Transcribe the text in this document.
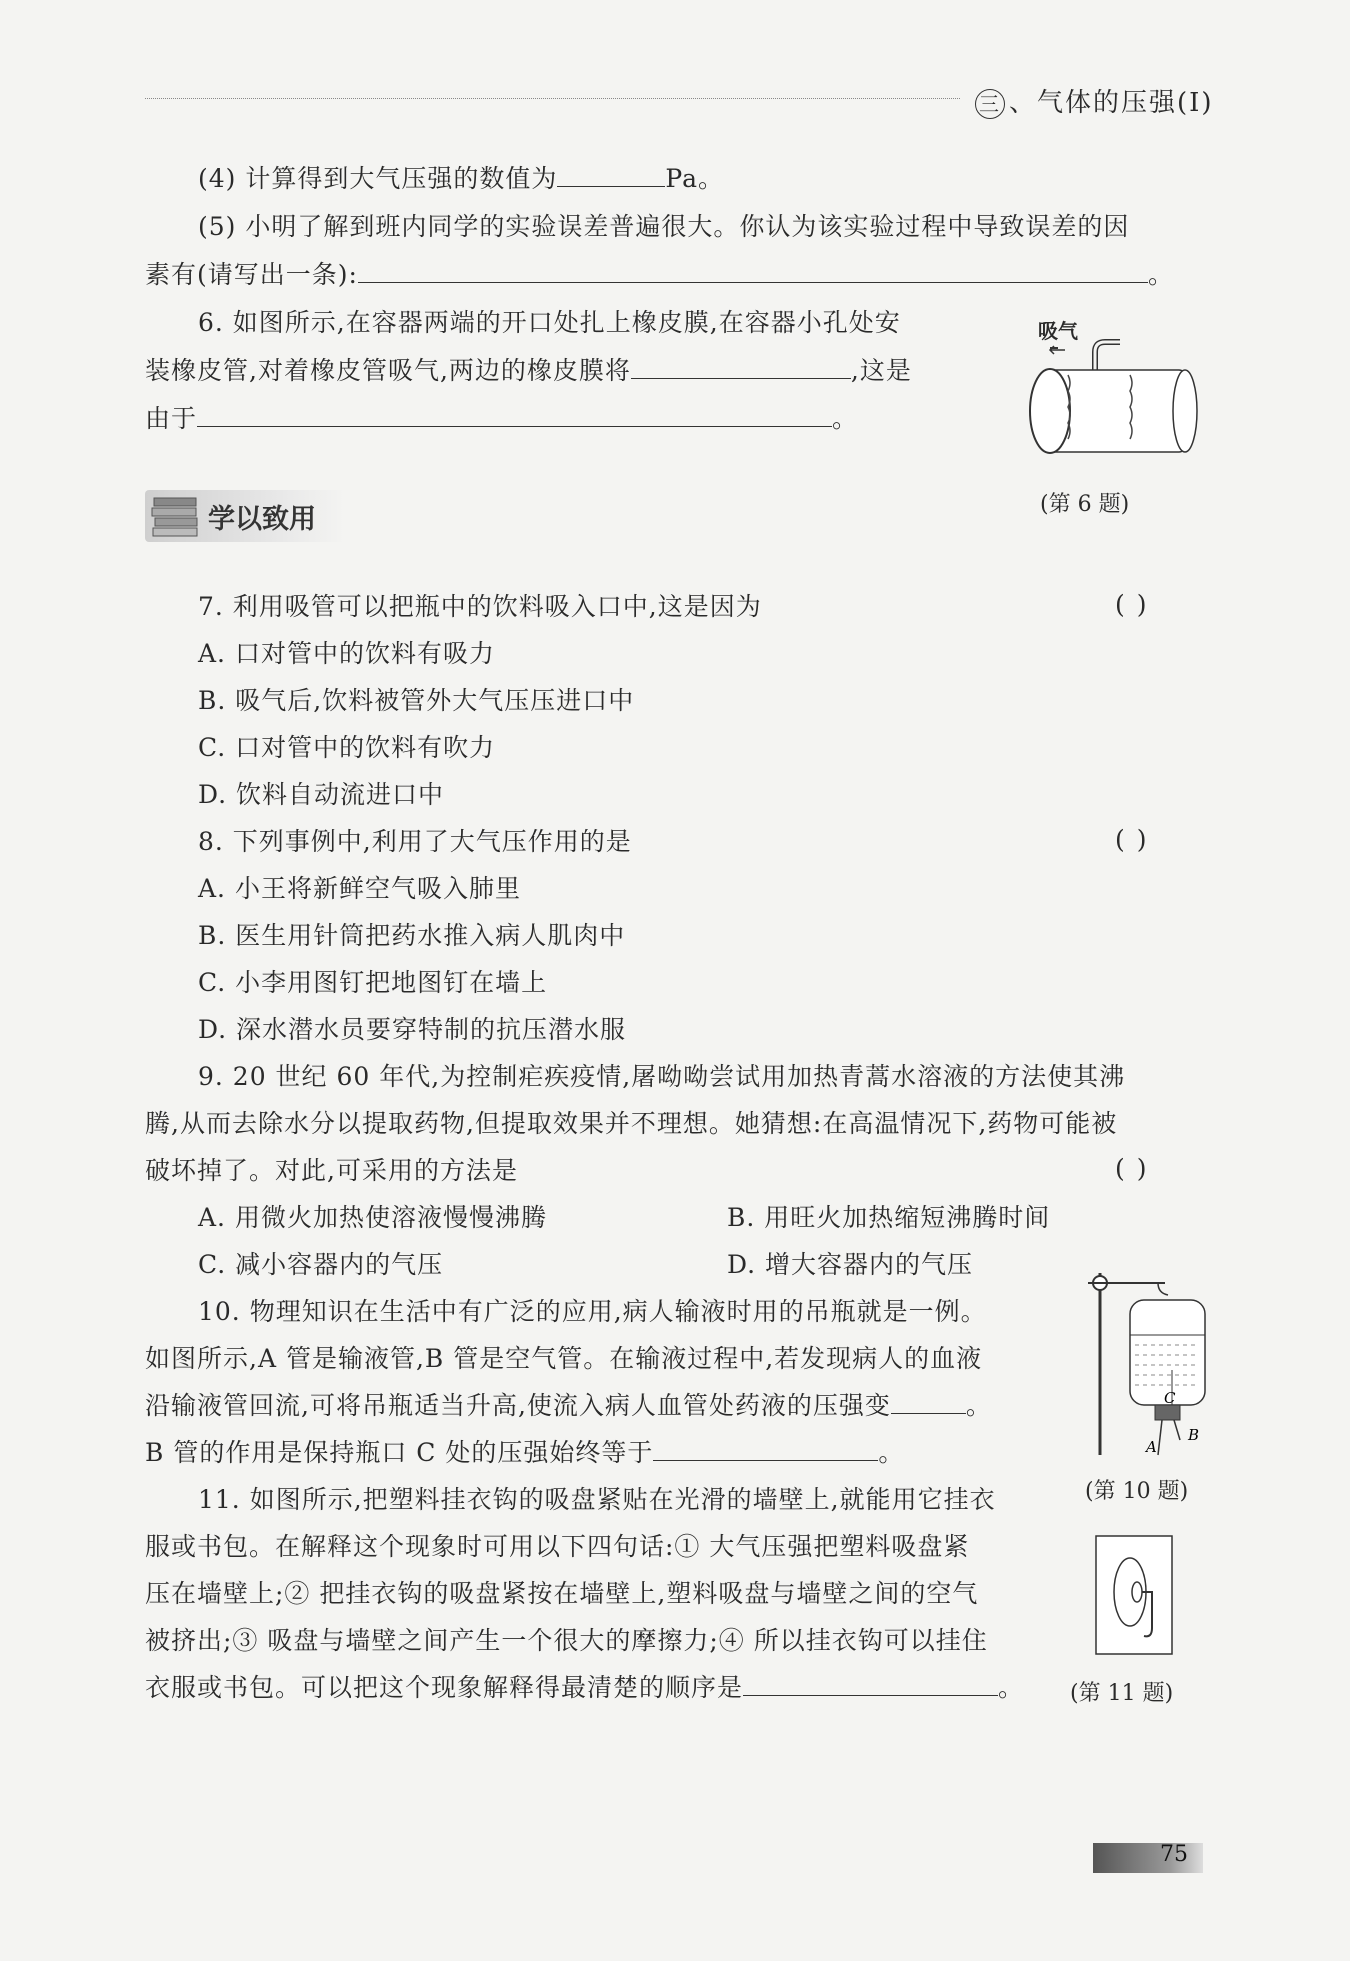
三 、气体的压强(Ⅰ)
(4) 计算得到大气压强的数值为	Pa。
(5) 小明了解到班内同学的实验误差普遍很大。你认为该实验过程中导致误差的因
素有(请写出一条):	。
6. 如图所示,在容器两端的开口处扎上橡皮膜,在容器小孔处安
装橡皮管,对着橡皮管吸气,两边的橡皮膜将	,这是
由于	。
吸气
(第 6 题)
学以致用
7. 利用吸管可以把瓶中的饮料吸入口中,这是因为	( )
A. 口对管中的饮料有吸力
B. 吸气后,饮料被管外大气压压进口中
C. 口对管中的饮料有吹力
D. 饮料自动流进口中
8. 下列事例中,利用了大气压作用的是	( )
A. 小王将新鲜空气吸入肺里
B. 医生用针筒把药水推入病人肌肉中
C. 小李用图钉把地图钉在墙上
D. 深水潜水员要穿特制的抗压潜水服
9. 20 世纪 60 年代,为控制疟疾疫情,屠呦呦尝试用加热青蒿水溶液的方法使其沸
腾,从而去除水分以提取药物,但提取效果并不理想。她猜想:在高温情况下,药物可能被
破坏掉了。对此,可采用的方法是	( )
A. 用微火加热使溶液慢慢沸腾	B. 用旺火加热缩短沸腾时间
C. 减小容器内的气压	D. 增大容器内的气压
10. 物理知识在生活中有广泛的应用,病人输液时用的吊瓶就是一例。
如图所示,A 管是输液管,B 管是空气管。在输液过程中,若发现病人的血液
沿输液管回流,可将吊瓶适当升高,使流入病人血管处药液的压强变	。
B 管的作用是保持瓶口 C 处的压强始终等于	。	A
B
C
(第 10 题)
11. 如图所示,把塑料挂衣钩的吸盘紧贴在光滑的墙壁上,就能用它挂衣
服或书包。在解释这个现象时可用以下四句话:① 大气压强把塑料吸盘紧
压在墙壁上;② 把挂衣钩的吸盘紧按在墙壁上,塑料吸盘与墙壁之间的空气
被挤出;③ 吸盘与墙壁之间产生一个很大的摩擦力;④ 所以挂衣钩可以挂住
衣服或书包。可以把这个现象解释得最清楚的顺序是	。 (第 11 题)
75
